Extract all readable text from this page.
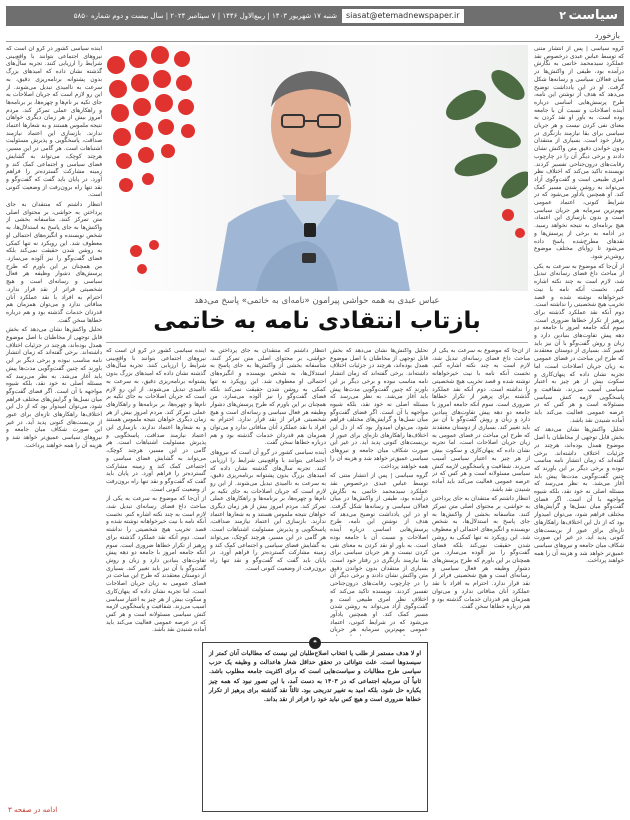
سیاست
۲
siasat@etemadnewspaper.ir
شنبه ۱۷ شهریور ۱۴۰۳ | ربیع‌الاول ۱۴۴۶ | ۷ سپتامبر ۲۰۲۴ | سال بیست و دوم شماره ۵۸۵۰
بازخورد

گروه سیاسی | پس از انتشار متنی که توسط عباس عبدی درخصوص نقد عملکرد سیدمحمد خاتمی به نگارش درآمده بود، طیفی از واکنش‌ها در میان فعالان سیاسی و رسانه‌ها شکل گرفت. او در این یادداشت توضیح می‌دهد که هدف از نوشتن این نامه، طرح پرسش‌هایی اساسی درباره آینده اصلاحات و نسبت آن با جامعه بوده است. به باور او نقد کردن به معنای نفی کردن نیست و هر جریان سیاسی برای بقا نیازمند بازنگری در رفتار خود است. بسیاری از منتقدان بدون خواندن دقیق متن واکنش نشان دادند و برخی دیگر آن را در چارچوب رقابت‌های درون‌جناحی تفسیر کردند. نویسنده تاکید می‌کند که اختلاف نظر امری طبیعی است و گفت‌وگوی آزاد می‌تواند به روشن شدن مسیر کمک کند. او همچنین یادآور می‌شود که در شرایط کنونی، اعتماد عمومی مهم‌ترین سرمایه هر جریان سیاسی است و بدون بازسازی این اعتماد، هیچ برنامه‌ای به نتیجه نخواهد رسید. در ادامه به برخی از پرسش‌ها و نقدهای مطرح‌شده پاسخ داده می‌شود تا زوایای مختلف موضوع روشن‌تر شود.

از آن‌جا که موضوع به سرعت به یکی از مباحث داغ فضای رسانه‌ای تبدیل شد، لازم است به چند نکته اشاره کنم. نخست آنکه نامه با نیت خیرخواهانه نوشته شده و قصد تخریب هیچ شخصیتی را نداشته است. دوم آنکه نقد عملکرد گذشته برای پرهیز از تکرار خطاها ضروری است. سوم آنکه جامعه امروز با جامعه دو دهه پیش تفاوت‌های بنیادین دارد و زبان و روش گفت‌وگو با آن نیز باید تغییر کند. بسیاری از دوستان معتقدند که طرح این مباحث در فضای عمومی به زیان جریان اصلاحات است، اما تجربه نشان داده که پنهان‌کاری و سکوت بیش از هر چیز به اعتبار سیاسی آسیب می‌زند. شفافیت و پاسخگویی لازمه کنش سیاسی مسئولانه است و هر کس که در عرصه عمومی فعالیت می‌کند باید آماده شنیدن نقد باشد.

تحلیل واکنش‌ها نشان می‌دهد که بخش قابل توجهی از مخاطبان با اصل موضوع همدل بوده‌اند، هرچند در جزئیات اختلاف داشته‌اند. برخی گفته‌اند که زمان انتشار نامه مناسب نبوده و برخی دیگر بر این باورند که چنین گفت‌وگویی مدت‌ها پیش باید آغاز می‌شد. به نظر می‌رسد که مسئله اصلی نه خود نقد، بلکه شیوه مواجهه با آن است. اگر فضای گفت‌وگو میان نسل‌ها و گرایش‌های مختلف فراهم شود، می‌توان امیدوار بود که از دل این اختلاف‌ها راهکارهای تازه‌ای برای عبور از بن‌بست‌های کنونی پدید آید. در غیر این صورت شکاف میان جامعه و نیروهای سیاسی عمیق‌تر خواهد شد و هزینه آن را همه خواهند پرداخت.

عباس عبدی به همه حواشی پیرامون «نامه‌ای به خاتمی» پاسخ می‌دهد
بازتاب انتقادی نامه به خاتمی

از آن‌جا که موضوع به سرعت به یکی از مباحث داغ فضای رسانه‌ای تبدیل شد، لازم است به چند نکته اشاره کنم. نخست آنکه نامه با نیت خیرخواهانه نوشته شده و قصد تخریب هیچ شخصیتی را نداشته است. دوم آنکه نقد عملکرد گذشته برای پرهیز از تکرار خطاها ضروری است. سوم آنکه جامعه امروز با جامعه دو دهه پیش تفاوت‌های بنیادین دارد و زبان و روش گفت‌وگو با آن نیز باید تغییر کند. بسیاری از دوستان معتقدند که طرح این مباحث در فضای عمومی به زیان جریان اصلاحات است، اما تجربه نشان داده که پنهان‌کاری و سکوت بیش از هر چیز به اعتبار سیاسی آسیب می‌زند. شفافیت و پاسخگویی لازمه کنش سیاسی مسئولانه است و هر کس که در عرصه عمومی فعالیت می‌کند باید آماده شنیدن نقد باشد.

انتظار داشتم که منتقدان به جای پرداختن به حواشی، بر محتوای اصلی متن تمرکز کنند. متاسفانه بخشی از واکنش‌ها به جای پاسخ به استدلال‌ها، به شخص نویسنده و انگیزه‌های احتمالی او معطوف شد. این رویکرد نه تنها کمکی به روشن شدن حقیقت نمی‌کند بلکه فضای گفت‌وگو را نیز آلوده می‌سازد. من همچنان بر این باورم که طرح پرسش‌های دشوار وظیفه هر فعال سیاسی و رسانه‌ای است و هیچ شخصیتی فراتر از نقد قرار ندارد. احترام به افراد با نقد عملکرد آنان منافاتی ندارد و می‌توان همزمان هم قدردان خدمات گذشته بود و هم درباره خطاها سخن گفت.

تحلیل واکنش‌ها نشان می‌دهد که بخش قابل توجهی از مخاطبان با اصل موضوع همدل بوده‌اند، هرچند در جزئیات اختلاف داشته‌اند. برخی گفته‌اند که زمان انتشار نامه مناسب نبوده و برخی دیگر بر این باورند که چنین گفت‌وگویی مدت‌ها پیش باید آغاز می‌شد. به نظر می‌رسد که مسئله اصلی نه خود نقد، بلکه شیوه مواجهه با آن است. اگر فضای گفت‌وگو میان نسل‌ها و گرایش‌های مختلف فراهم شود، می‌توان امیدوار بود که از دل این اختلاف‌ها راهکارهای تازه‌ای برای عبور از بن‌بست‌های کنونی پدید آید. در غیر این صورت شکاف میان جامعه و نیروهای سیاسی عمیق‌تر خواهد شد و هزینه آن را همه خواهند پرداخت.

گروه سیاسی | پس از انتشار متنی که توسط عباس عبدی درخصوص نقد عملکرد سیدمحمد خاتمی به نگارش درآمده بود، طیفی از واکنش‌ها در میان فعالان سیاسی و رسانه‌ها شکل گرفت. او در این یادداشت توضیح می‌دهد که هدف از نوشتن این نامه، طرح پرسش‌هایی اساسی درباره آینده اصلاحات و نسبت آن با جامعه بوده است. به باور او نقد کردن به معنای نفی کردن نیست و هر جریان سیاسی برای بقا نیازمند بازنگری در رفتار خود است. بسیاری از منتقدان بدون خواندن دقیق متن واکنش نشان دادند و برخی دیگر آن را در چارچوب رقابت‌های درون‌جناحی تفسیر کردند. نویسنده تاکید می‌کند که اختلاف نظر امری طبیعی است و گفت‌وگوی آزاد می‌تواند به روشن شدن مسیر کمک کند. او همچنین یادآور می‌شود که در شرایط کنونی، اعتماد عمومی مهم‌ترین سرمایه هر جریان

انتظار داشتم که منتقدان به جای پرداختن به حواشی، بر محتوای اصلی متن تمرکز کنند. متاسفانه بخشی از واکنش‌ها به جای پاسخ به استدلال‌ها، به شخص نویسنده و انگیزه‌های احتمالی او معطوف شد. این رویکرد نه تنها کمکی به روشن شدن حقیقت نمی‌کند بلکه فضای گفت‌وگو را نیز آلوده می‌سازد. من همچنان بر این باورم که طرح پرسش‌های دشوار وظیفه هر فعال سیاسی و رسانه‌ای است و هیچ شخصیتی فراتر از نقد قرار ندارد. احترام به افراد با نقد عملکرد آنان منافاتی ندارد و می‌توان همزمان هم قدردان خدمات گذشته بود و هم درباره خطاها سخن گفت.

آینده سیاسی کشور در گرو آن است که نیروهای اجتماعی بتوانند با واقع‌بینی شرایط را ارزیابی کنند. تجربه سال‌های گذشته نشان داده که امیدهای بزرگ بدون پشتوانه برنامه‌ریزی دقیق، به سرعت به ناامیدی تبدیل می‌شوند. از این رو لازم است که جریان اصلاحات به جای تکیه بر نام‌ها و چهره‌ها، بر برنامه‌ها و راهکارهای عملی تمرکز کند. مردم امروز بیش از هر زمان دیگری خواهان نتیجه ملموس هستند و به شعارها اعتماد ندارند. بازسازی این اعتماد نیازمند صداقت، پاسخگویی و پذیرش مسئولیت اشتباهات است. هر گامی در این مسیر، هرچند کوچک، می‌تواند به گشایش فضای سیاسی و اجتماعی کمک کند و زمینه مشارکت گسترده‌تر را فراهم آورد. در پایان باید گفت که گفت‌وگو و نقد تنها راه برون‌رفت از وضعیت کنونی است.

آینده سیاسی کشور در گرو آن است که نیروهای اجتماعی بتوانند با واقع‌بینی شرایط را ارزیابی کنند. تجربه سال‌های گذشته نشان داده که امیدهای بزرگ بدون پشتوانه برنامه‌ریزی دقیق، به سرعت به ناامیدی تبدیل می‌شوند. از این رو لازم است که جریان اصلاحات به جای تکیه بر نام‌ها و چهره‌ها، بر برنامه‌ها و راهکارهای عملی تمرکز کند. مردم امروز بیش از هر زمان دیگری خواهان نتیجه ملموس هستند و به شعارها اعتماد ندارند. بازسازی این اعتماد نیازمند صداقت، پاسخگویی و پذیرش مسئولیت اشتباهات است. هر گامی در این مسیر، هرچند کوچک، می‌تواند به گشایش فضای سیاسی و اجتماعی کمک کند و زمینه مشارکت گسترده‌تر را فراهم آورد. در پایان باید گفت که گفت‌وگو و نقد تنها راه برون‌رفت از وضعیت کنونی است.

از آن‌جا که موضوع به سرعت به یکی از مباحث داغ فضای رسانه‌ای تبدیل شد، لازم است به چند نکته اشاره کنم. نخست آنکه نامه با نیت خیرخواهانه نوشته شده و قصد تخریب هیچ شخصیتی را نداشته است. دوم آنکه نقد عملکرد گذشته برای پرهیز از تکرار خطاها ضروری است. سوم آنکه جامعه امروز با جامعه دو دهه پیش تفاوت‌های بنیادین دارد و زبان و روش گفت‌وگو با آن نیز باید تغییر کند. بسیاری از دوستان معتقدند که طرح این مباحث در فضای عمومی به زیان جریان اصلاحات است، اما تجربه نشان داده که پنهان‌کاری و سکوت بیش از هر چیز به اعتبار سیاسی آسیب می‌زند. شفافیت و پاسخگویی لازمه کنش سیاسی مسئولانه است و هر کس که در عرصه عمومی فعالیت می‌کند باید آماده شنیدن نقد باشد.

آینده سیاسی کشور در گرو آن است که نیروهای اجتماعی بتوانند با واقع‌بینی شرایط را ارزیابی کنند. تجربه سال‌های گذشته نشان داده که امیدهای بزرگ بدون پشتوانه برنامه‌ریزی دقیق، به سرعت به ناامیدی تبدیل می‌شوند. از این رو لازم است که جریان اصلاحات به جای تکیه بر نام‌ها و چهره‌ها، بر برنامه‌ها و راهکارهای عملی تمرکز کند. مردم امروز بیش از هر زمان دیگری خواهان نتیجه ملموس هستند و به شعارها اعتماد ندارند. بازسازی این اعتماد نیازمند صداقت، پاسخگویی و پذیرش مسئولیت اشتباهات است. هر گامی در این مسیر، هرچند کوچک، می‌تواند به گشایش فضای سیاسی و اجتماعی کمک کند و زمینه مشارکت گسترده‌تر را فراهم آورد. در پایان باید گفت که گفت‌وگو و نقد تنها راه برون‌رفت از وضعیت کنونی است.

انتظار داشتم که منتقدان به جای پرداختن به حواشی، بر محتوای اصلی متن تمرکز کنند. متاسفانه بخشی از واکنش‌ها به جای پاسخ به استدلال‌ها، به شخص نویسنده و انگیزه‌های احتمالی او معطوف شد. این رویکرد نه تنها کمکی به روشن شدن حقیقت نمی‌کند بلکه فضای گفت‌وگو را نیز آلوده می‌سازد. من همچنان بر این باورم که طرح پرسش‌های دشوار وظیفه هر فعال سیاسی و رسانه‌ای است و هیچ شخصیتی فراتر از نقد قرار ندارد. احترام به افراد با نقد عملکرد آنان منافاتی ندارد و می‌توان همزمان هم قدردان خدمات گذشته بود و هم درباره خطاها سخن گفت.

تحلیل واکنش‌ها نشان می‌دهد که بخش قابل توجهی از مخاطبان با اصل موضوع همدل بوده‌اند، هرچند در جزئیات اختلاف داشته‌اند. برخی گفته‌اند که زمان انتشار نامه مناسب نبوده و برخی دیگر بر این باورند که چنین گفت‌وگویی مدت‌ها پیش باید آغاز می‌شد. به نظر می‌رسد که مسئله اصلی نه خود نقد، بلکه شیوه مواجهه با آن است. اگر فضای گفت‌وگو میان نسل‌ها و گرایش‌های مختلف فراهم شود، می‌توان امیدوار بود که از دل این اختلاف‌ها راهکارهای تازه‌ای برای عبور از بن‌بست‌های کنونی پدید آید. در غیر این صورت شکاف میان جامعه و نیروهای سیاسی عمیق‌تر خواهد شد و هزینه آن را همه خواهند پرداخت.

❝

او لا هدف مستمر از طلب یا انتخاب اصلاح‌طلبان این نیست که مطالبات آنان کمتر از سیسدوها است. علت نتوانائی در تحقق حداقل شعار هاعدالت و وظیفه یک حزب سیاسی طرح مطالبات و سیاست‌هایی است که برای اکثریت جامعه مطلوب باشد. ثانیاً آن سرمایه اجتماعی که در ۱۴۰۳ به دست آمد، با این تصور نبود که همه چیز یکباره حل شود، بلکه امید به تغییر تدریجی بود. ثالثاً نقد گذشته برای پرهیز از تکرار خطاها ضروری است و هیچ کس نباید خود را فراتر از نقد بداند.

ادامه در صفحه ۳
